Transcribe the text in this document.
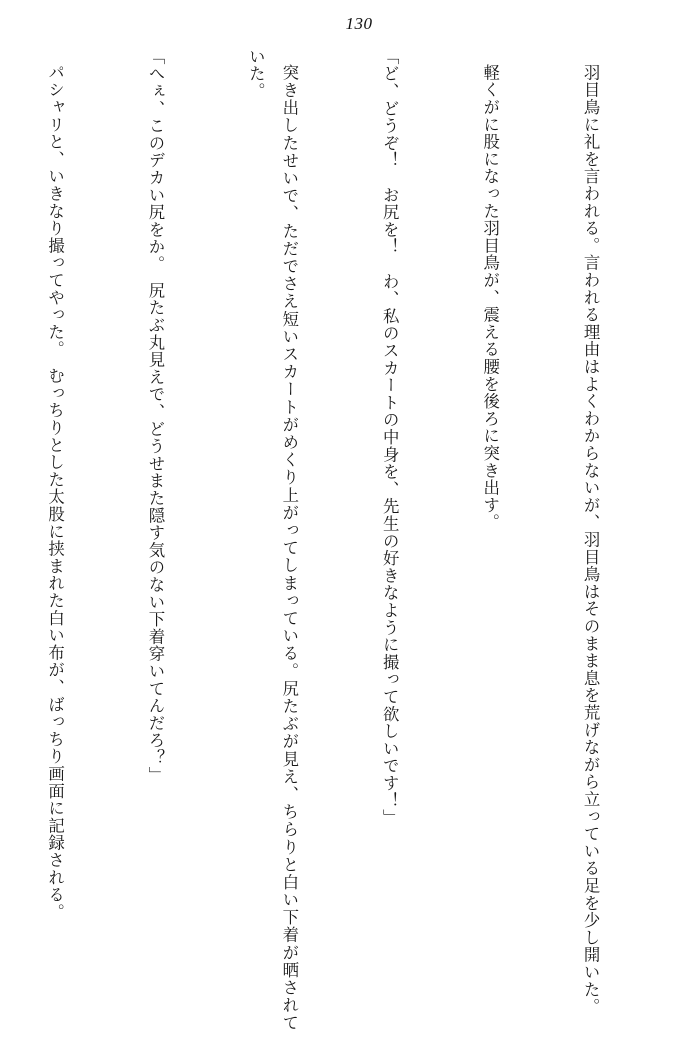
130

羽目鳥に礼を言われる。言われる理由はよくわからないが、羽目鳥はそのまま息を荒げながら立っている足を少し開いた。

軽くがに股になった羽目鳥が、震える腰を後ろに突き出す。

「ど、どうぞ！　お尻を！　わ、私のスカートの中身を、先生の好きなように撮って欲しいです！」

突き出したせいで、ただでさえ短いスカートがめくり上がってしまっている。尻たぶが見え、ちらりと白い下着が晒されていた。

「へぇ、このデカい尻をか。　尻たぶ丸見えで、どうせまた隠す気のない下着穿いてんだろ？」

パシャリと、いきなり撮ってやった。　むっちりとした太股に挟まれた白い布が、ばっちり画面に記録される。
